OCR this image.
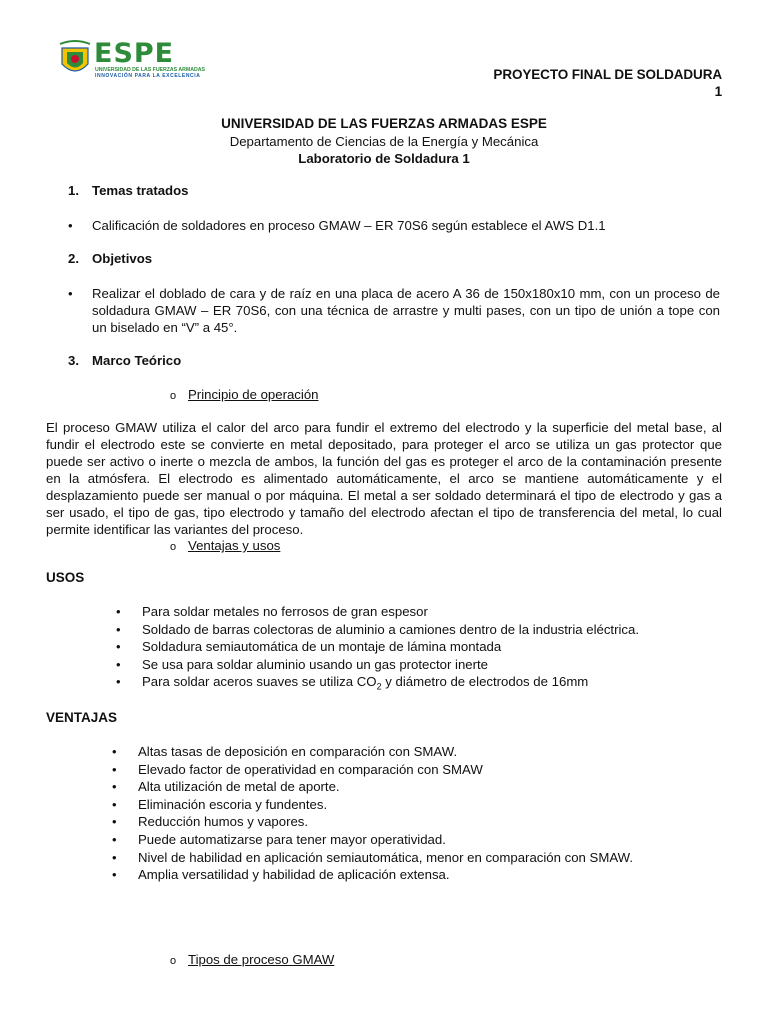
ESPE
UNIVERSIDAD DE LAS FUERZAS ARMADAS
INNOVACIÓN PARA LA EXCELENCIA	PROYECTO FINAL DE SOLDADURA
1
UNIVERSIDAD DE LAS FUERZAS ARMADAS ESPE
Departamento de Ciencias de la Energía y Mecánica
Laboratorio de Soldadura 1
1. Temas tratados
• Calificación de soldadores en proceso GMAW – ER 70S6 según establece el AWS D1.1
2. Objetivos
• Realizar el doblado de cara y de raíz en una placa de acero A 36 de 150x180x10 mm, con un proceso de soldadura GMAW – ER 70S6, con una técnica de arrastre y multi pases, con un tipo de unión a tope con un biselado en “V” a 45°.
3. Marco Teórico
o Principio de operación
El proceso GMAW utiliza el calor del arco para fundir el extremo del electrodo y la superficie del metal base, al fundir el electrodo este se convierte en metal depositado, para proteger el arco se utiliza un gas protector que puede ser activo o inerte o mezcla de ambos, la función del gas es proteger el arco de la contaminación presente en la atmósfera. El electrodo es alimentado automáticamente, el arco se mantiene automáticamente y el desplazamiento puede ser manual o por máquina. El metal a ser soldado determinará el tipo de electrodo y gas a ser usado, el tipo de gas, tipo electrodo y tamaño del electrodo afectan el tipo de transferencia del metal, lo cual permite identificar las variantes del proceso.
o Ventajas y usos
USOS
• Para soldar metales no ferrosos de gran espesor
• Soldado de barras colectoras de aluminio a camiones dentro de la industria eléctrica.
• Soldadura semiautomática de un montaje de lámina montada
• Se usa para soldar aluminio usando un gas protector inerte
• Para soldar aceros suaves se utiliza $CO_2$ y diámetro de electrodos de 16mm
VENTAJAS
• Altas tasas de deposición en comparación con SMAW.
• Elevado factor de operatividad en comparación con SMAW
• Alta utilización de metal de aporte.
• Eliminación escoria y fundentes.
• Reducción humos y vapores.
• Puede automatizarse para tener mayor operatividad.
• Nivel de habilidad en aplicación semiautomática, menor en comparación con SMAW.
• Amplia versatilidad y habilidad de aplicación extensa.
o Tipos de proceso GMAW
